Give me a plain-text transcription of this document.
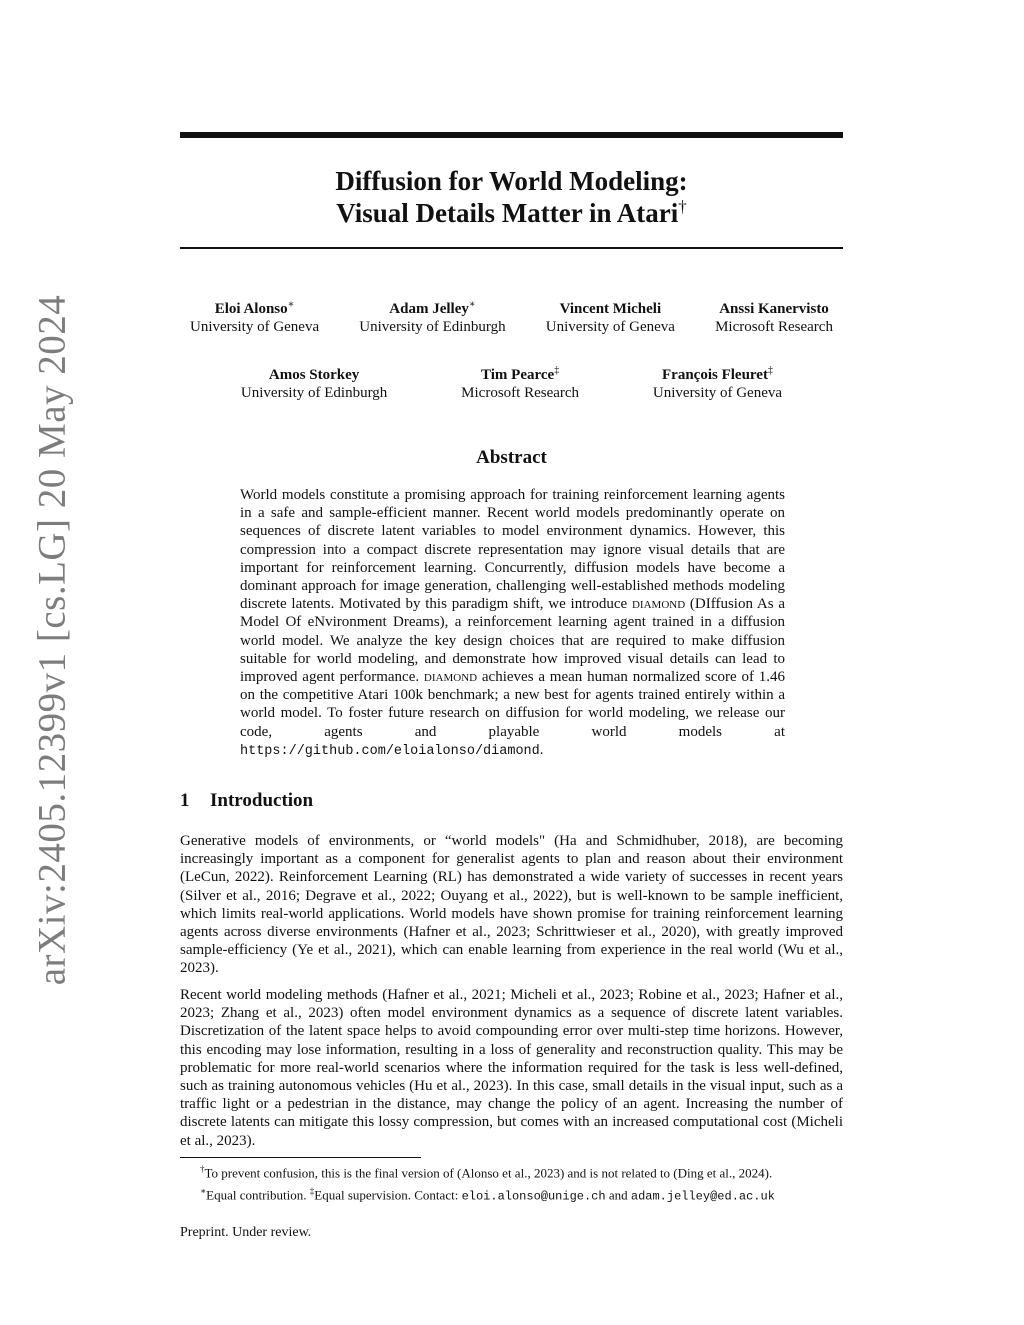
arXiv:2405.12399v1 [cs.LG] 20 May 2024
Diffusion for World Modeling:
Visual Details Matter in Atari†
Eloi Alonso∗
University of Geneva
Adam Jelley∗
University of Edinburgh
Vincent Micheli
University of Geneva
Anssi Kanervisto
Microsoft Research
Amos Storkey
University of Edinburgh
Tim Pearce‡
Microsoft Research
François Fleuret‡
University of Geneva
Abstract
World models constitute a promising approach for training reinforcement learning agents in a safe and sample-efficient manner. Recent world models predominantly operate on sequences of discrete latent variables to model environment dynamics. However, this compression into a compact discrete representation may ignore visual details that are important for reinforcement learning. Concurrently, diffusion models have become a dominant approach for image generation, challenging well-established methods modeling discrete latents. Motivated by this paradigm shift, we introduce diamond (DIffusion As a Model Of eNvironment Dreams), a reinforcement learning agent trained in a diffusion world model. We analyze the key design choices that are required to make diffusion suitable for world modeling, and demonstrate how improved visual details can lead to improved agent performance. diamond achieves a mean human normalized score of 1.46 on the competitive Atari 100k benchmark; a new best for agents trained entirely within a world model. To foster future research on diffusion for world modeling, we release our code, agents and playable world models at https://github.com/eloialonso/diamond.
1 Introduction
Generative models of environments, or “world models" (Ha and Schmidhuber, 2018), are becoming increasingly important as a component for generalist agents to plan and reason about their environment (LeCun, 2022). Reinforcement Learning (RL) has demonstrated a wide variety of successes in recent years (Silver et al., 2016; Degrave et al., 2022; Ouyang et al., 2022), but is well-known to be sample inefficient, which limits real-world applications. World models have shown promise for training reinforcement learning agents across diverse environments (Hafner et al., 2023; Schrittwieser et al., 2020), with greatly improved sample-efficiency (Ye et al., 2021), which can enable learning from experience in the real world (Wu et al., 2023).
Recent world modeling methods (Hafner et al., 2021; Micheli et al., 2023; Robine et al., 2023; Hafner et al., 2023; Zhang et al., 2023) often model environment dynamics as a sequence of discrete latent variables. Discretization of the latent space helps to avoid compounding error over multi-step time horizons. However, this encoding may lose information, resulting in a loss of generality and reconstruction quality. This may be problematic for more real-world scenarios where the information required for the task is less well-defined, such as training autonomous vehicles (Hu et al., 2023). In this case, small details in the visual input, such as a traffic light or a pedestrian in the distance, may change the policy of an agent. Increasing the number of discrete latents can mitigate this lossy compression, but comes with an increased computational cost (Micheli et al., 2023).

†To prevent confusion, this is the final version of (Alonso et al., 2023) and is not related to (Ding et al., 2024).

∗Equal contribution. ‡Equal supervision. Contact: eloi.alonso@unige.ch and adam.jelley@ed.ac.uk

Preprint. Under review.
